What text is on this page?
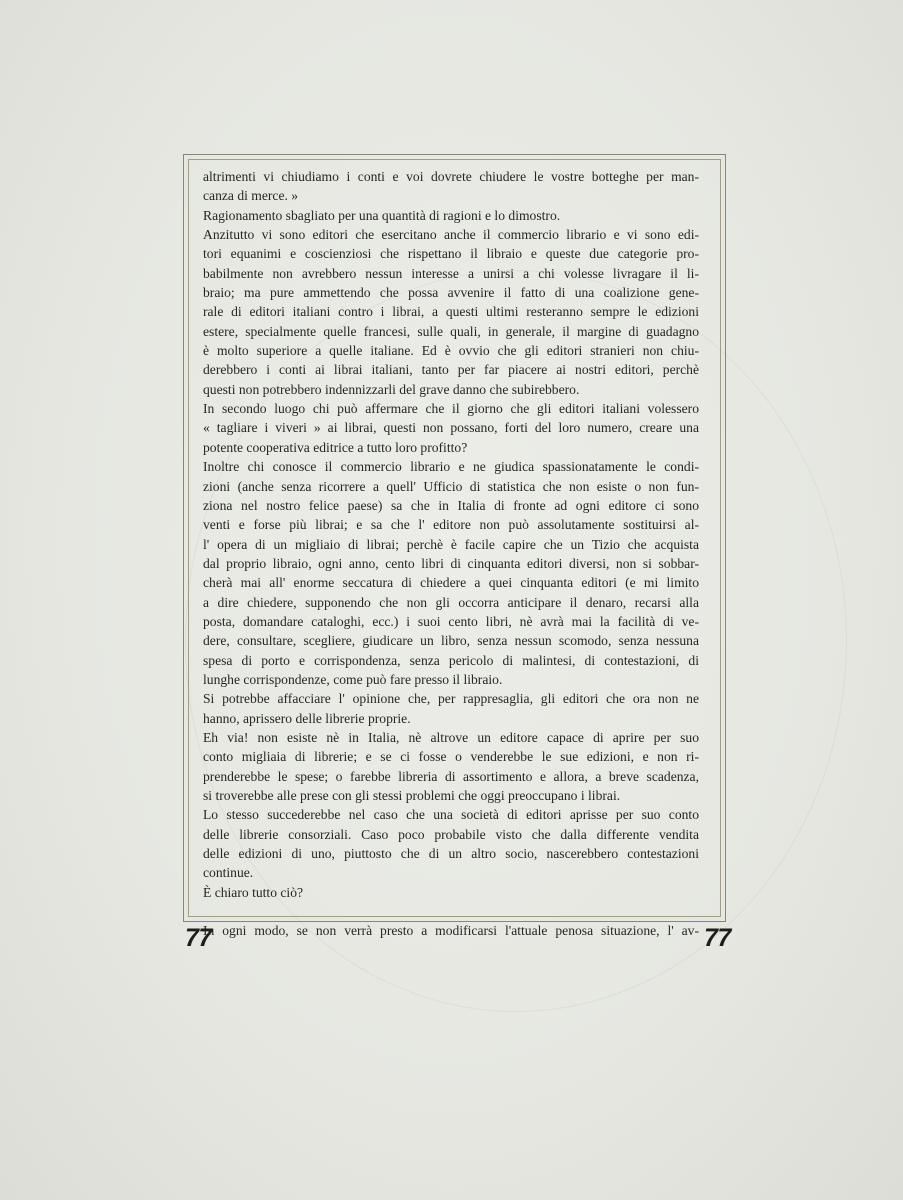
altrimenti vi chiudiamo i conti e voi dovrete chiudere le vostre botteghe per man-
canza di merce. »
Ragionamento sbagliato per una quantità di ragioni e lo dimostro.
Anzitutto vi sono editori che esercitano anche il commercio librario e vi sono edi-
tori equanimi e coscienziosi che rispettano il libraio e queste due categorie pro-
babilmente non avrebbero nessun interesse a unirsi a chi volesse livragare il li-
braio; ma pure ammettendo che possa avvenire il fatto di una coalizione gene-
rale di editori italiani contro i librai, a questi ultimi resteranno sempre le edizioni
estere, specialmente quelle francesi, sulle quali, in generale, il margine di guadagno
è molto superiore a quelle italiane. Ed è ovvio che gli editori stranieri non chiu-
derebbero i conti ai librai italiani, tanto per far piacere ai nostri editori, perchè
questi non potrebbero indennizzarli del grave danno che subirebbero.
In secondo luogo chi può affermare che il giorno che gli editori italiani volessero
« tagliare i viveri » ai librai, questi non possano, forti del loro numero, creare una
potente cooperativa editrice a tutto loro profitto?
Inoltre chi conosce il commercio librario e ne giudica spassionatamente le condi-
zioni (anche senza ricorrere a quell' Ufficio di statistica che non esiste o non fun-
ziona nel nostro felice paese) sa che in Italia di fronte ad ogni editore ci sono
venti e forse più librai; e sa che l' editore non può assolutamente sostituirsi al-
l' opera di un migliaio di librai; perchè è facile capire che un Tizio che acquista
dal proprio libraio, ogni anno, cento libri di cinquanta editori diversi, non si sobbar-
cherà mai all' enorme seccatura di chiedere a quei cinquanta editori (e mi limito
a dire chiedere, supponendo che non gli occorra anticipare il denaro, recarsi alla
posta, domandare cataloghi, ecc.) i suoi cento libri, nè avrà mai la facilità di ve-
dere, consultare, scegliere, giudicare un libro, senza nessun scomodo, senza nessuna
spesa di porto e corrispondenza, senza pericolo di malintesi, di contestazioni, di
lunghe corrispondenze, come può fare presso il libraio.
Si potrebbe affacciare l' opinione che, per rappresaglia, gli editori che ora non ne
hanno, aprissero delle librerie proprie.
Eh via! non esiste nè in Italia, nè altrove un editore capace di aprire per suo
conto migliaia di librerie; e se ci fosse o venderebbe le sue edizioni, e non ri-
prenderebbe le spese; o farebbe libreria di assortimento e allora, a breve scadenza,
si troverebbe alle prese con gli stessi problemi che oggi preoccupano i librai.
Lo stesso succederebbe nel caso che una società di editori aprisse per suo conto
delle librerie consorziali. Caso poco probabile visto che dalla differente vendita
delle edizioni di uno, piuttosto che di un altro socio, nascerebbero contestazioni
continue.
È chiaro tutto ciò?
In ogni modo, se non verrà presto a modificarsi l'attuale penosa situazione, l' av-
77	77
